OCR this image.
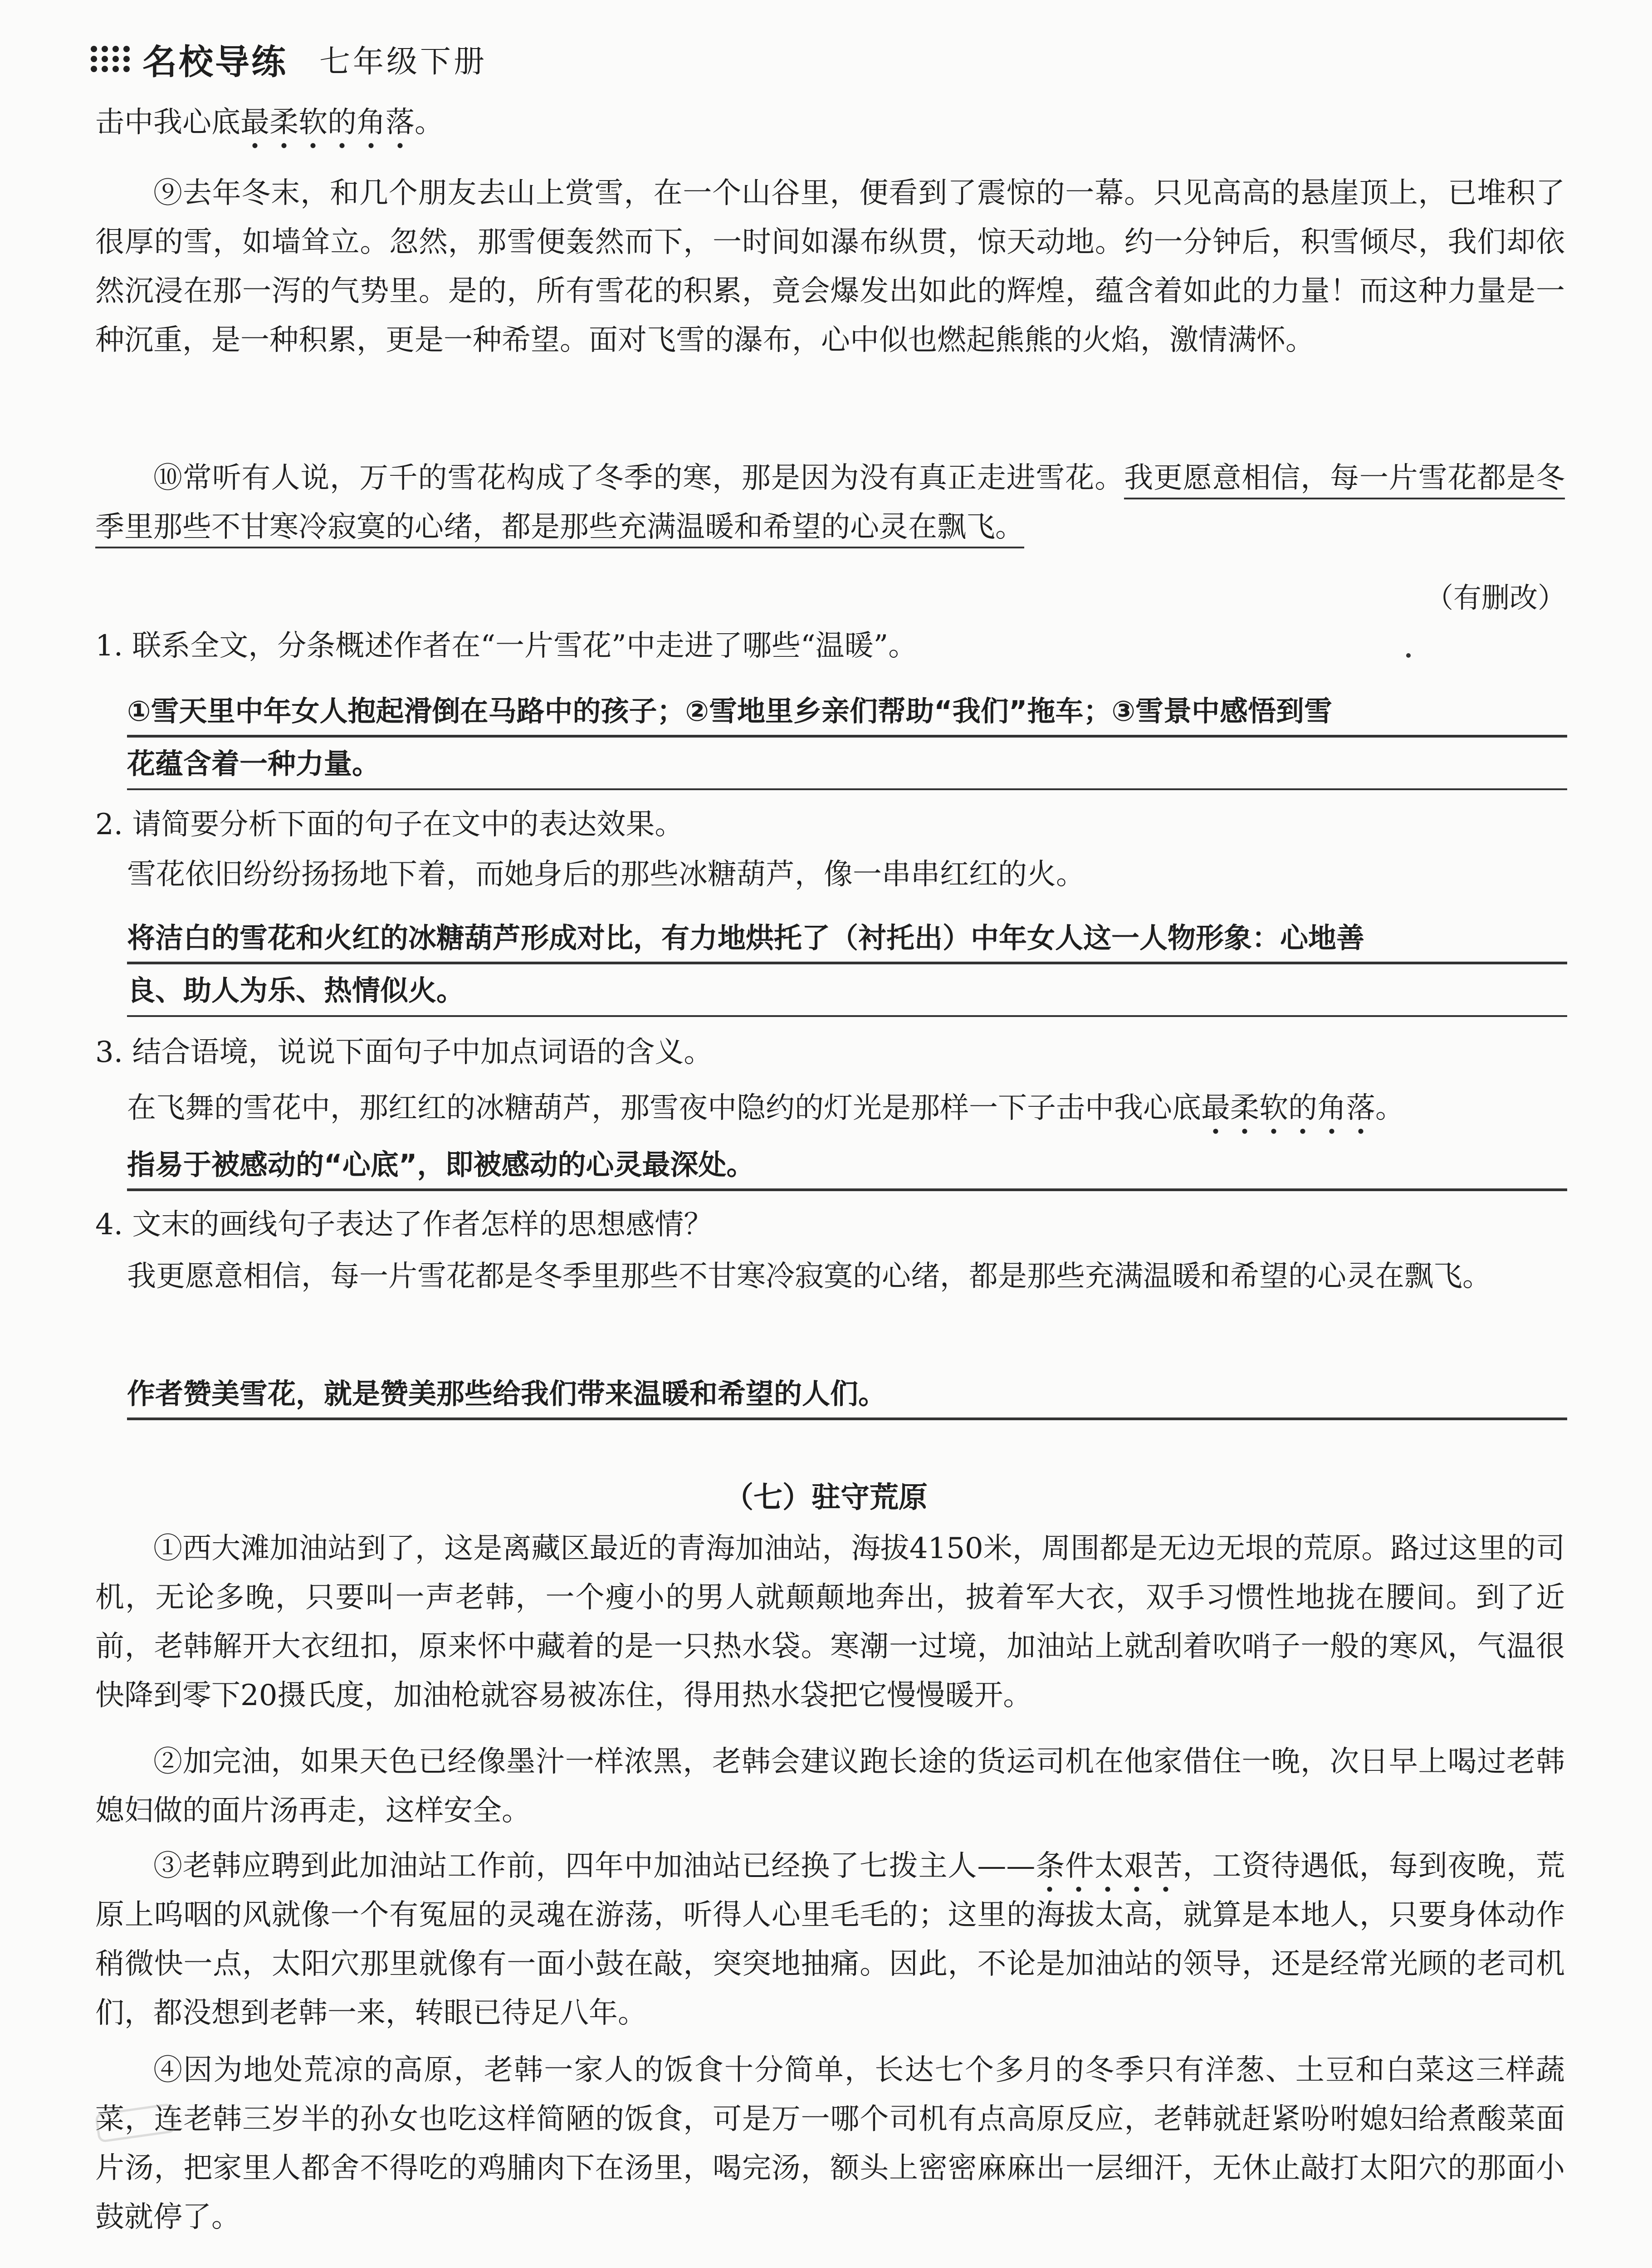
名校导练 七年级下册
击中我心底最柔软的角落。
⑨去年冬末，和几个朋友去山上赏雪，在一个山谷里，便看到了震惊的一幕。只见高高的悬崖顶上，已堆积了很厚的雪，如墙耸立。忽然，那雪便轰然而下，一时间如瀑布纵贯，惊天动地。约一分钟后，积雪倾尽，我们却依然沉浸在那一泻的气势里。是的，所有雪花的积累，竟会爆发出如此的辉煌，蕴含着如此的力量！而这种力量是一种沉重，是一种积累，更是一种希望。面对飞雪的瀑布，心中似也燃起熊熊的火焰，激情满怀。
⑩常听有人说，万千的雪花构成了冬季的寒，那是因为没有真正走进雪花。我更愿意相信，每一片雪花都是冬季里那些不甘寒冷寂寞的心绪，都是那些充满温暖和希望的心灵在飘飞。
（有删改）
1. 联系全文，分条概述作者在“一片雪花”中走进了哪些“温暖”。
①雪天里中年女人抱起滑倒在马路中的孩子；②雪地里乡亲们帮助“我们”拖车；③雪景中感悟到雪
花蕴含着一种力量。
2. 请简要分析下面的句子在文中的表达效果。
雪花依旧纷纷扬扬地下着，而她身后的那些冰糖葫芦，像一串串红红的火。
将洁白的雪花和火红的冰糖葫芦形成对比，有力地烘托了（衬托出）中年女人这一人物形象：心地善
良、助人为乐、热情似火。
3. 结合语境，说说下面句子中加点词语的含义。
在飞舞的雪花中，那红红的冰糖葫芦，那雪夜中隐约的灯光是那样一下子击中我心底最柔软的角落。
指易于被感动的“心底”，即被感动的心灵最深处。
4. 文末的画线句子表达了作者怎样的思想感情？
我更愿意相信，每一片雪花都是冬季里那些不甘寒冷寂寞的心绪，都是那些充满温暖和希望的心灵在飘飞。
作者赞美雪花，就是赞美那些给我们带来温暖和希望的人们。
（七）驻守荒原
①西大滩加油站到了，这是离藏区最近的青海加油站，海拔4150米，周围都是无边无垠的荒原。路过这里的司机，无论多晚，只要叫一声老韩，一个瘦小的男人就颠颠地奔出，披着军大衣，双手习惯性地拢在腰间。到了近前，老韩解开大衣纽扣，原来怀中藏着的是一只热水袋。寒潮一过境，加油站上就刮着吹哨子一般的寒风，气温很快降到零下20摄氏度，加油枪就容易被冻住，得用热水袋把它慢慢暖开。
②加完油，如果天色已经像墨汁一样浓黑，老韩会建议跑长途的货运司机在他家借住一晚，次日早上喝过老韩媳妇做的面片汤再走，这样安全。
③老韩应聘到此加油站工作前，四年中加油站已经换了七拨主人——条件太艰苦，工资待遇低，每到夜晚，荒原上呜咽的风就像一个有冤屈的灵魂在游荡，听得人心里毛毛的；这里的海拔太高，就算是本地人，只要身体动作稍微快一点，太阳穴那里就像有一面小鼓在敲，突突地抽痛。因此，不论是加油站的领导，还是经常光顾的老司机们，都没想到老韩一来，转眼已待足八年。
④因为地处荒凉的高原，老韩一家人的饭食十分简单，长达七个多月的冬季只有洋葱、土豆和白菜这三样蔬菜，连老韩三岁半的孙女也吃这样简陋的饭食，可是万一哪个司机有点高原反应，老韩就赶紧吩咐媳妇给煮酸菜面片汤，把家里人都舍不得吃的鸡脯肉下在汤里，喝完汤，额头上密密麻麻出一层细汗，无休止敲打太阳穴的那面小鼓就停了。
